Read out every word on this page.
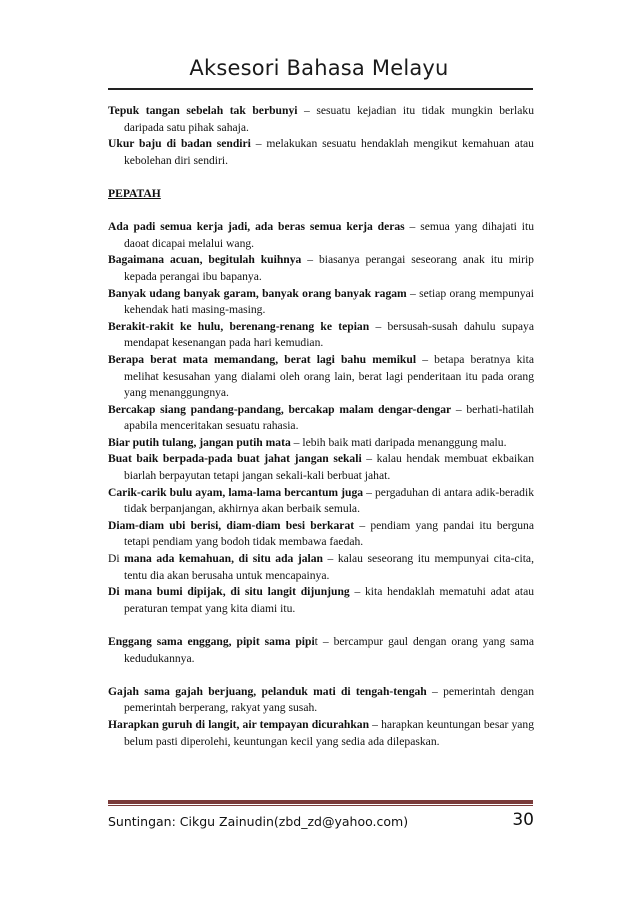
Aksesori Bahasa Melayu

Tepuk tangan sebelah tak berbunyi – sesuatu kejadian itu tidak mungkin berlaku daripada satu pihak sahaja.

Ukur baju di badan sendiri – melakukan sesuatu hendaklah mengikut kemahuan atau kebolehan diri sendiri.

PEPATAH

Ada padi semua kerja jadi, ada beras semua kerja deras – semua yang dihajati itu daoat dicapai melalui wang.

Bagaimana acuan, begitulah kuihnya – biasanya perangai seseorang anak itu mirip kepada perangai ibu bapanya.

Banyak udang banyak garam, banyak orang banyak ragam – setiap orang mempunyai kehendak hati masing-masing.

Berakit-rakit ke hulu, berenang-renang ke tepian – bersusah-susah dahulu supaya mendapat kesenangan pada hari kemudian.

Berapa berat mata memandang, berat lagi bahu memikul – betapa beratnya kita melihat kesusahan yang dialami oleh orang lain, berat lagi penderitaan itu pada orang yang menanggungnya.

Bercakap siang pandang-pandang, bercakap malam dengar-dengar – berhati-hatilah apabila menceritakan sesuatu rahasia.

Biar putih tulang, jangan putih mata – lebih baik mati daripada menanggung malu.

Buat baik berpada-pada buat jahat jangan sekali – kalau hendak membuat ekbaikan biarlah berpayutan tetapi jangan sekali-kali berbuat jahat.

Carik-carik bulu ayam, lama-lama bercantum juga – pergaduhan di antara adik-beradik tidak berpanjangan, akhirnya akan berbaik semula.

Diam-diam ubi berisi, diam-diam besi berkarat – pendiam yang pandai itu berguna tetapi pendiam yang bodoh tidak membawa faedah.

Di mana ada kemahuan, di situ ada jalan – kalau seseorang itu mempunyai cita-cita, tentu dia akan berusaha untuk mencapainya.

Di mana bumi dipijak, di situ langit dijunjung – kita hendaklah mematuhi adat atau peraturan tempat yang kita diami itu.

Enggang sama enggang, pipit sama pipit – bercampur gaul dengan orang yang sama kedudukannya.

Gajah sama gajah berjuang, pelanduk mati di tengah-tengah – pemerintah dengan pemerintah berperang, rakyat yang susah.

Harapkan guruh di langit, air tempayan dicurahkan – harapkan keuntungan besar yang belum pasti diperolehi, keuntungan kecil yang sedia ada dilepaskan.

Suntingan: Cikgu Zainudin(zbd_zd@yahoo.com)	30
